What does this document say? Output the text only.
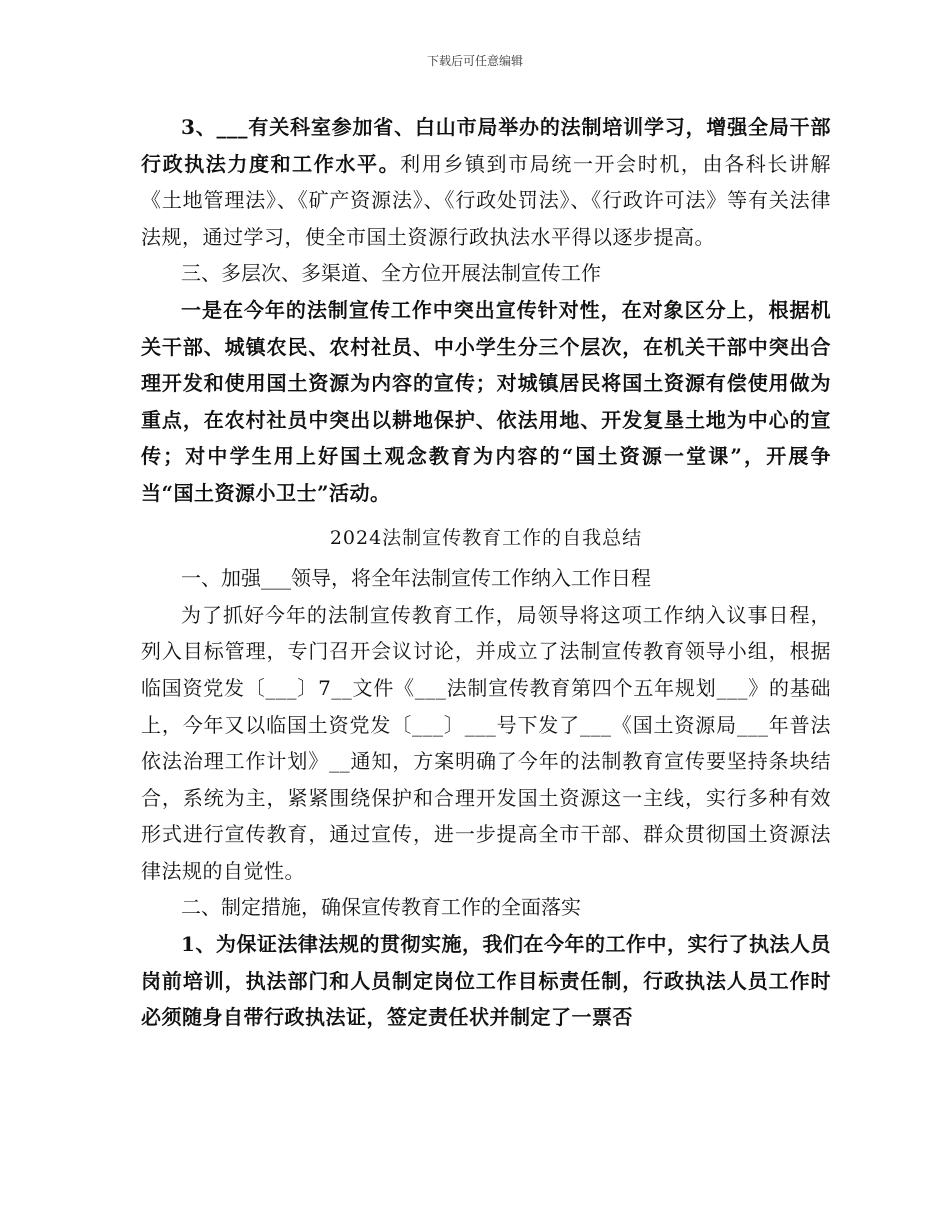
下载后可任意编辑

3、___有关科室参加省、白山市局举办的法制培训学习，增强全局干部行政执法力度和工作水平。利用乡镇到市局统一开会时机，由各科长讲解《土地管理法》、《矿产资源法》、《行政处罚法》、《行政许可法》等有关法律法规，通过学习，使全市国土资源行政执法水平得以逐步提高。

三、多层次、多渠道、全方位开展法制宣传工作

一是在今年的法制宣传工作中突出宣传针对性，在对象区分上，根据机关干部、城镇农民、农村社员、中小学生分三个层次，在机关干部中突出合理开发和使用国土资源为内容的宣传；对城镇居民将国土资源有偿使用做为重点，在农村社员中突出以耕地保护、依法用地、开发复垦土地为中心的宣传；对中学生用上好国土观念教育为内容的“国土资源一堂课”，开展争当“国土资源小卫士”活动。

2024法制宣传教育工作的自我总结

一、加强___领导，将全年法制宣传工作纳入工作日程

为了抓好今年的法制宣传教育工作，局领导将这项工作纳入议事日程，列入目标管理，专门召开会议讨论，并成立了法制宣传教育领导小组，根据临国资党发〔___〕7__文件《___法制宣传教育第四个五年规划___》的基础上，今年又以临国土资党发〔___〕___号下发了___《国土资源局___年普法依法治理工作计划》__通知，方案明确了今年的法制教育宣传要坚持条块结合，系统为主，紧紧围绕保护和合理开发国土资源这一主线，实行多种有效形式进行宣传教育，通过宣传，进一步提高全市干部、群众贯彻国土资源法律法规的自觉性。

二、制定措施，确保宣传教育工作的全面落实

1、为保证法律法规的贯彻实施，我们在今年的工作中，实行了执法人员岗前培训，执法部门和人员制定岗位工作目标责任制，行政执法人员工作时必须随身自带行政执法证，签定责任状并制定了一票否
